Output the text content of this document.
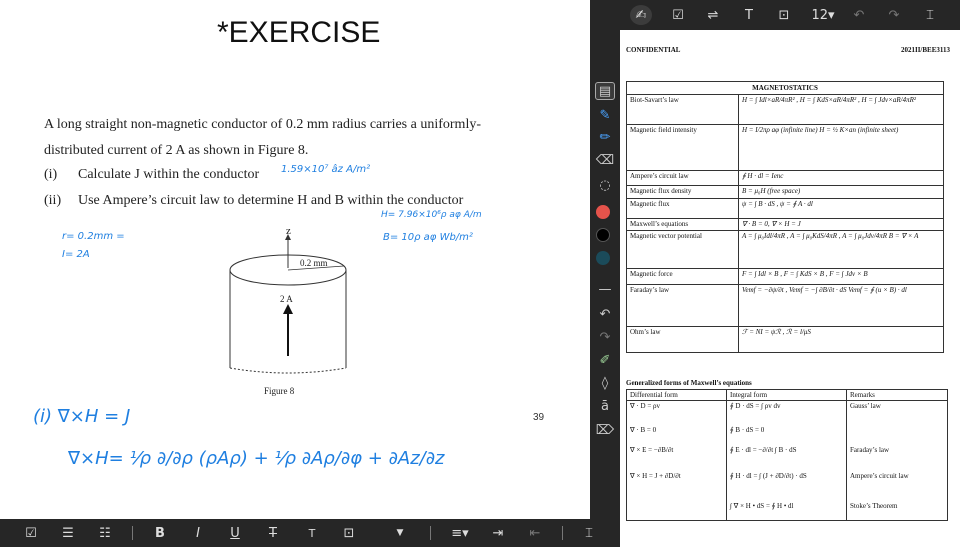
*EXERCISE
A long straight non-magnetic conductor of 0.2 mm radius carries a uniformly-
distributed current of 2 A as shown in Figure 8.
(i) Calculate J within the conductor
(ii) Use Ampere’s circuit law to determine H and B within the conductor
1.59×10⁷ âz A/m²
H= 7.96×10⁶ρ aφ A/m
B= 10ρ aφ Wb/m²
r= 0.2mm =
I= 2A
(i) ∇×H = J
∇×H= ¹⁄ρ ∂/∂ρ (ρAρ) + ¹⁄ρ ∂Aρ/∂φ + ∂Az/∂z
z
0.2 mm
2 A
Figure 8
39
▤
✎
✏
⌫
◌
—
↶
↷
✐
◊
ā
⌦
✍	☑	⇌	T	⊡	12▾	↶	↷	⌶
☑ ☰ ☷	B	I	U	T	T	⊡	▼	≡▾ ⇥ ⇤	⌶
CONFIDENTIAL	2021II/BEE3113
MAGNETOSTATICS	
Biot-Savart’s law	H = ∫ Idl×aR/4πR² , H = ∫ KdS×aR/4πR² , H = ∫ Jdv×aR/4πR²
Magnetic field intensity	H = I/2πρ aφ (infinite line) H = ½ K×an (infinite sheet)
Ampere’s circuit law	∮ H · dl = Ienc
Magnetic flux density	B = μ₀H (free space)
Magnetic flux	ψ = ∫ B · dS , ψ = ∮ A · dl
Maxwell’s equations	∇ · B = 0, ∇ × H = J
Magnetic vector potential	A = ∫ μ₀Idl/4πR , A = ∫ μ₀KdS/4πR , A = ∫ μ₀Jdv/4πR B = ∇ × A
Magnetic force	F = ∫ Idl × B , F = ∫ KdS × B , F = ∫ Jdv × B
Faraday’s law	Vemf = −∂ψ/∂t , Vemf = −∫ ∂B/∂t · dS Vemf = ∮ (u × B) · dl
Ohm’s law	ℱ = NI = ψℛ , ℛ = l/μS
Generalized forms of Maxwell’s equations
Differential form	Integral form	Remarks
∇ · D = ρv	∮ D · dS = ∫ ρv dv	Gauss’ law
∇ · B = 0	∮ B · dS = 0	
∇ × E = −∂B/∂t	∮ E · dl = −∂/∂t ∫ B · dS	Faraday’s law
∇ × H = J + ∂D/∂t	∮ H · dl = ∫ (J + ∂D/∂t) · dS	Ampere’s circuit law
	∫ ∇ × H • dS = ∮ H • dl	Stoke’s Theorem
